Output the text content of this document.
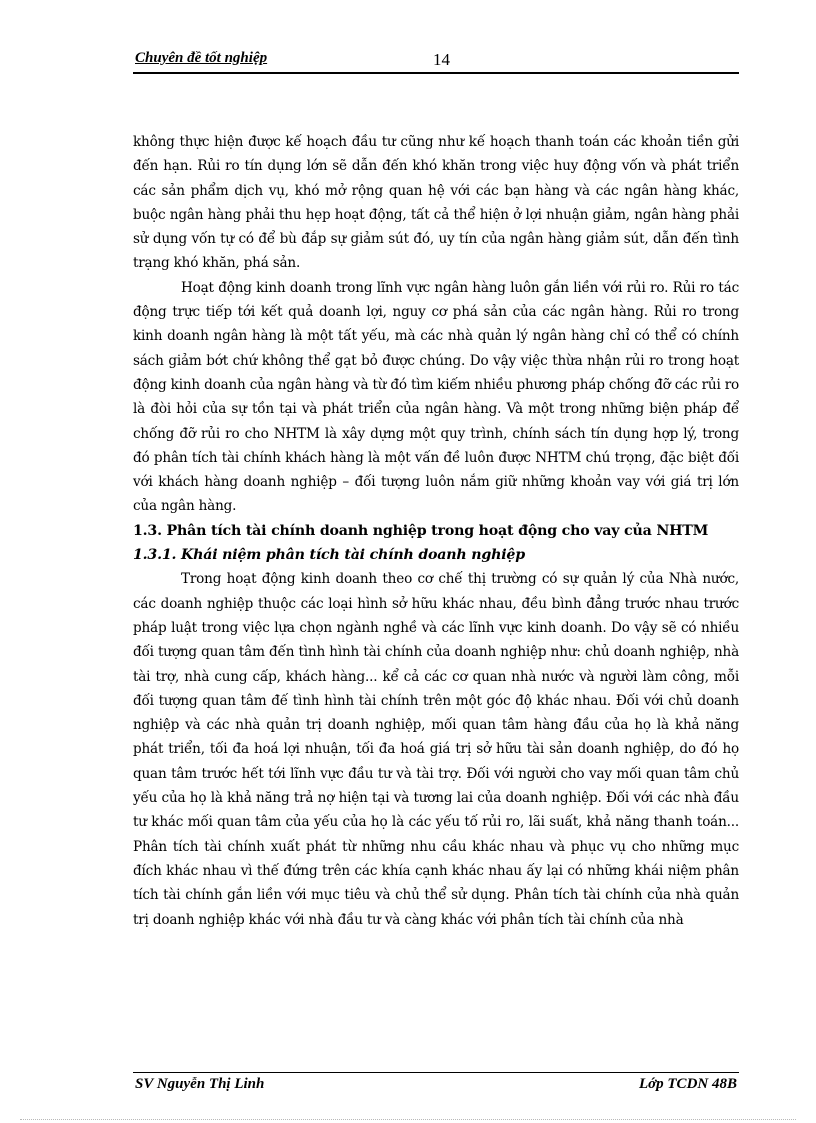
Chuyên đề tốt nghiệp	14

không thực hiện được kế hoạch đầu tư cũng như kế hoạch thanh toán các khoản tiền gửi đến hạn. Rủi ro tín dụng lớn sẽ dẫn đến khó khăn trong việc huy động vốn và phát triển các sản phẩm dịch vụ, khó mở rộng quan hệ với các bạn hàng và các ngân hàng khác, buộc ngân hàng phải thu hẹp hoạt động, tất cả thể hiện ở lợi nhuận giảm, ngân hàng phải sử dụng vốn tự có để bù đắp sự giảm sút đó, uy tín của ngân hàng giảm sút, dẫn đến tình trạng khó khăn, phá sản.

Hoạt động kinh doanh trong lĩnh vực ngân hàng luôn gắn liền với rủi ro. Rủi ro tác động trực tiếp tới kết quả doanh lợi, nguy cơ phá sản của các ngân hàng. Rủi ro trong kinh doanh ngân hàng là một tất yếu, mà các nhà quản lý ngân hàng chỉ có thể có chính sách giảm bớt chứ không thể gạt bỏ được chúng. Do vậy việc thừa nhận rủi ro trong hoạt động kinh doanh của ngân hàng và từ đó tìm kiếm nhiều phương pháp chống đỡ các rủi ro là đòi hỏi của sự tồn tại và phát triển của ngân hàng. Và một trong những biện pháp để chống đỡ rủi ro cho NHTM là xây dựng một quy trình, chính sách tín dụng hợp lý, trong đó phân tích tài chính khách hàng là một vấn đề luôn được NHTM chú trọng, đặc biệt đối với khách hàng doanh nghiệp – đối tượng luôn nắm giữ những khoản vay với giá trị lớn của ngân hàng.

1.3. Phân tích tài chính doanh nghiệp trong hoạt động cho vay của NHTM
1.3.1. Khái niệm phân tích tài chính doanh nghiệp

Trong hoạt động kinh doanh theo cơ chế thị trường có sự quản lý của Nhà nước, các doanh nghiệp thuộc các loại hình sở hữu khác nhau, đều bình đẳng trước nhau trước pháp luật trong việc lựa chọn ngành nghề và các lĩnh vực kinh doanh. Do vậy sẽ có nhiều đối tượng quan tâm đến tình hình tài chính của doanh nghiệp như: chủ doanh nghiệp, nhà tài trợ, nhà cung cấp, khách hàng... kể cả các cơ quan nhà nước và người làm công, mỗi đối tượng quan tâm đế tình hình tài chính trên một góc độ khác nhau. Đối với chủ doanh nghiệp và các nhà quản trị doanh nghiệp, mối quan tâm hàng đầu của họ là khả năng phát triển, tối đa hoá lợi nhuận, tối đa hoá giá trị sở hữu tài sản doanh nghiệp, do đó họ quan tâm trước hết tới lĩnh vực đầu tư và tài trợ. Đối với người cho vay mối quan tâm chủ yếu của họ là khả năng trả nợ hiện tại và tương lai của doanh nghiệp. Đối với các nhà đầu tư khác mối quan tâm của yếu của họ là các yếu tố rủi ro, lãi suất, khả năng thanh toán... Phân tích tài chính xuất phát từ những nhu cầu khác nhau và phục vụ cho những mục đích khác nhau vì thế đứng trên các khía cạnh khác nhau ấy lại có những khái niệm phân tích tài chính gắn liền với mục tiêu và chủ thể sử dụng. Phân tích tài chính của nhà quản trị doanh nghiệp khác với nhà đầu tư và càng khác với phân tích tài chính của nhà

SV Nguyễn Thị Linh	Lớp TCDN 48B
